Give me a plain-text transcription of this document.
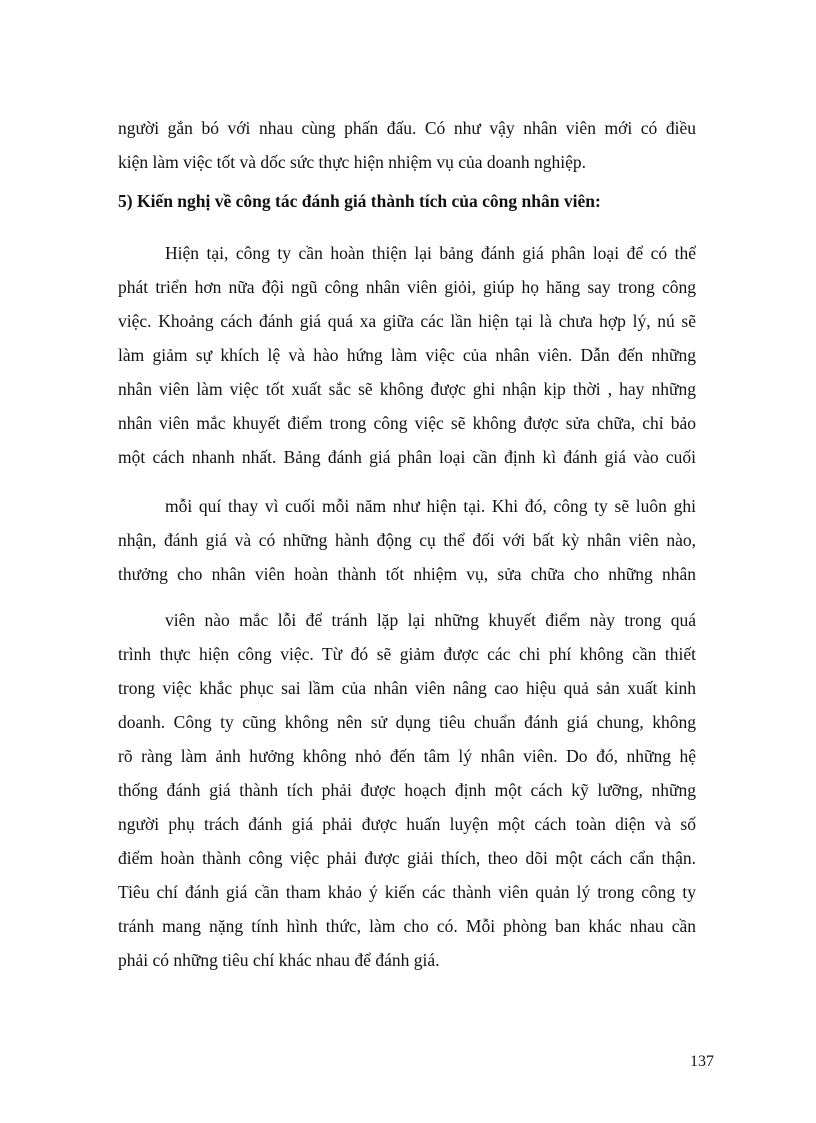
người gắn bó với nhau cùng phấn đấu. Có như vậy nhân viên mới có điều
kiện làm việc tốt và dốc sức thực hiện nhiệm vụ của doanh nghiệp.
5) Kiến nghị về công tác đánh giá thành tích của công nhân viên:
Hiện tại, công ty cần hoàn thiện lại bảng đánh giá phân loại để có thể
phát triển hơn nữa đội ngũ công nhân viên giỏi, giúp họ hăng say trong công
việc. Khoảng cách đánh giá quá xa giữa các lần hiện tại là chưa hợp lý, nú sẽ
làm giảm sự khích lệ và hào hứng làm việc của nhân viên. Dẫn đến những
nhân viên làm việc tốt xuất sắc sẽ không được ghi nhận kịp thời , hay những
nhân viên mắc khuyết điểm trong công việc sẽ không được sửa chữa, chỉ bảo
một cách nhanh nhất. Bảng đánh giá phân loại cần định kì đánh giá vào cuối
mỗi quí thay vì cuối mỗi năm như hiện tại. Khi đó, công ty sẽ luôn ghi
nhận, đánh giá và có những hành động cụ thể đối với bất kỳ nhân viên nào,
thưởng cho nhân viên hoàn thành tốt nhiệm vụ, sửa chữa cho những nhân
viên nào mắc lỗi để tránh lặp lại những khuyết điểm này trong quá
trình thực hiện công việc. Từ đó sẽ giảm được các chi phí không cần thiết
trong việc khắc phục sai lầm của nhân viên nâng cao hiệu quả sản xuất kinh
doanh. Công ty cũng không nên sử dụng tiêu chuẩn đánh giá chung, không
rõ ràng làm ảnh hưởng không nhỏ đến tâm lý nhân viên. Do đó, những hệ
thống đánh giá thành tích phải được hoạch định một cách kỹ lưỡng, những
người phụ trách đánh giá phải được huấn luyện một cách toàn diện và số
điểm hoàn thành công việc phải được giải thích, theo dõi một cách cẩn thận.
Tiêu chí đánh giá cần tham khảo ý kiến các thành viên quản lý trong công ty
tránh mang nặng tính hình thức, làm cho có. Mỗi phòng ban khác nhau cần
phải có những tiêu chí khác nhau để đánh giá.
137
